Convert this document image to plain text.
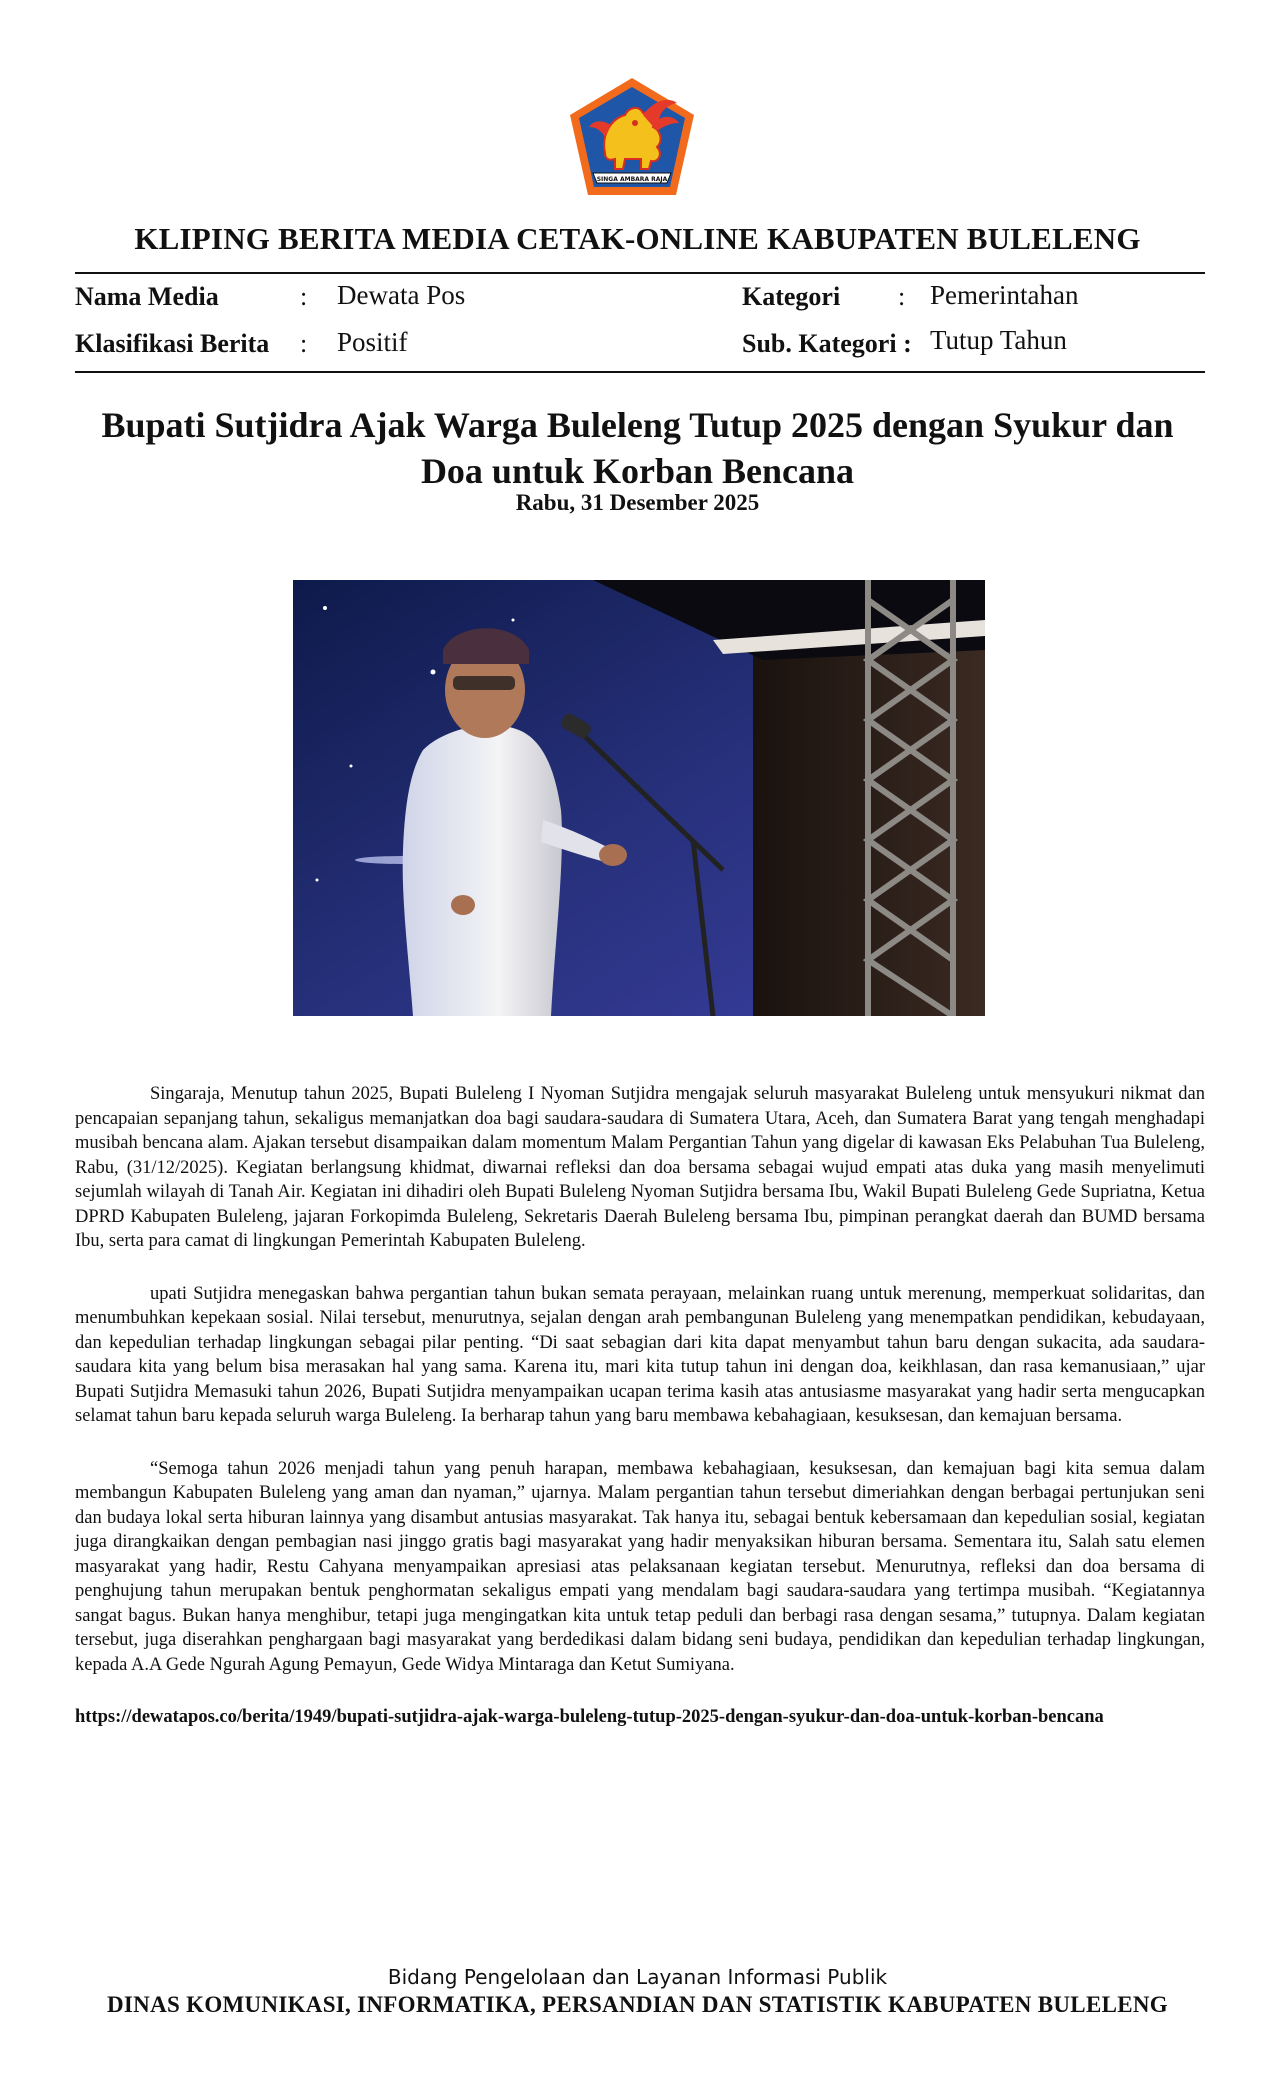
SINGA AMBARA RAJA
KLIPING BERITA MEDIA CETAK-ONLINE KABUPATEN BULELENG
Nama Media	: Dewata Pos	Kategori : Pemerintahan
Klasifikasi Berita : Positif	Sub. Kategori : Tutup Tahun
Bupati Sutjidra Ajak Warga Buleleng Tutup 2025 dengan Syukur dan Doa untuk Korban Bencana
Rabu, 31 Desember 2025

Singaraja, Menutup tahun 2025, Bupati Buleleng I Nyoman Sutjidra mengajak seluruh masyarakat Buleleng untuk mensyukuri nikmat dan pencapaian sepanjang tahun, sekaligus memanjatkan doa bagi saudara-saudara di Sumatera Utara, Aceh, dan Sumatera Barat yang tengah menghadapi musibah bencana alam. Ajakan tersebut disampaikan dalam momentum Malam Pergantian Tahun yang digelar di kawasan Eks Pelabuhan Tua Buleleng, Rabu, (31/12/2025). Kegiatan berlangsung khidmat, diwarnai refleksi dan doa bersama sebagai wujud empati atas duka yang masih menyelimuti sejumlah wilayah di Tanah Air. Kegiatan ini dihadiri oleh Bupati Buleleng Nyoman Sutjidra bersama Ibu, Wakil Bupati Buleleng Gede Supriatna, Ketua DPRD Kabupaten Buleleng, jajaran Forkopimda Buleleng, Sekretaris Daerah Buleleng bersama Ibu, pimpinan perangkat daerah dan BUMD bersama Ibu, serta para camat di lingkungan Pemerintah Kabupaten Buleleng.

upati Sutjidra menegaskan bahwa pergantian tahun bukan semata perayaan, melainkan ruang untuk merenung, memperkuat solidaritas, dan menumbuhkan kepekaan sosial. Nilai tersebut, menurutnya, sejalan dengan arah pembangunan Buleleng yang menempatkan pendidikan, kebudayaan, dan kepedulian terhadap lingkungan sebagai pilar penting. “Di saat sebagian dari kita dapat menyambut tahun baru dengan sukacita, ada saudara-saudara kita yang belum bisa merasakan hal yang sama. Karena itu, mari kita tutup tahun ini dengan doa, keikhlasan, dan rasa kemanusiaan,” ujar Bupati Sutjidra Memasuki tahun 2026, Bupati Sutjidra menyampaikan ucapan terima kasih atas antusiasme masyarakat yang hadir serta mengucapkan selamat tahun baru kepada seluruh warga Buleleng. Ia berharap tahun yang baru membawa kebahagiaan, kesuksesan, dan kemajuan bersama.

“Semoga tahun 2026 menjadi tahun yang penuh harapan, membawa kebahagiaan, kesuksesan, dan kemajuan bagi kita semua dalam membangun Kabupaten Buleleng yang aman dan nyaman,” ujarnya. Malam pergantian tahun tersebut dimeriahkan dengan berbagai pertunjukan seni dan budaya lokal serta hiburan lainnya yang disambut antusias masyarakat. Tak hanya itu, sebagai bentuk kebersamaan dan kepedulian sosial, kegiatan juga dirangkaikan dengan pembagian nasi jinggo gratis bagi masyarakat yang hadir menyaksikan hiburan bersama. Sementara itu, Salah satu elemen masyarakat yang hadir, Restu Cahyana menyampaikan apresiasi atas pelaksanaan kegiatan tersebut. Menurutnya, refleksi dan doa bersama di penghujung tahun merupakan bentuk penghormatan sekaligus empati yang mendalam bagi saudara-saudara yang tertimpa musibah. “Kegiatannya sangat bagus. Bukan hanya menghibur, tetapi juga mengingatkan kita untuk tetap peduli dan berbagi rasa dengan sesama,” tutupnya. Dalam kegiatan tersebut, juga diserahkan penghargaan bagi masyarakat yang berdedikasi dalam bidang seni budaya, pendidikan dan kepedulian terhadap lingkungan, kepada A.A Gede Ngurah Agung Pemayun, Gede Widya Mintaraga dan Ketut Sumiyana.

https://dewatapos.co/berita/1949/bupati-sutjidra-ajak-warga-buleleng-tutup-2025-dengan-syukur-dan-doa-untuk-korban-bencana

Bidang Pengelolaan dan Layanan Informasi Publik
DINAS KOMUNIKASI, INFORMATIKA, PERSANDIAN DAN STATISTIK KABUPATEN BULELENG
